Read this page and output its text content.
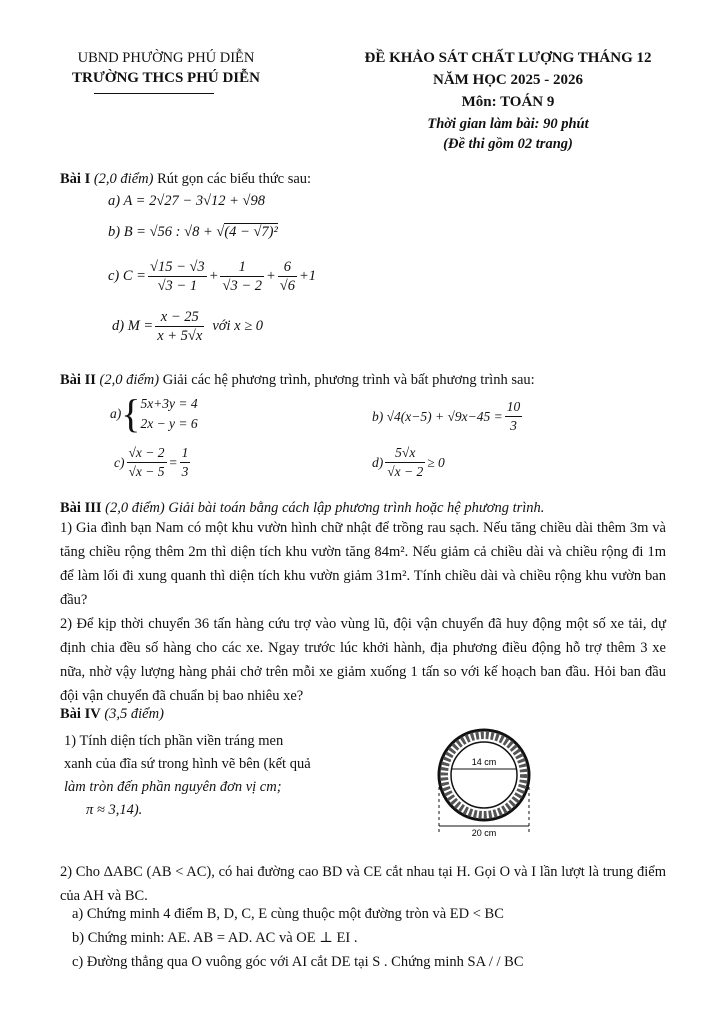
UBND PHƯỜNG PHÚ DIỄN
TRƯỜNG THCS PHÚ DIỄN
ĐỀ KHẢO SÁT CHẤT LƯỢNG THÁNG 12
NĂM HỌC 2025 - 2026
Môn: TOÁN 9
Thời gian làm bài: 90 phút
(Đề thi gồm 02 trang)
Bài I (2,0 điểm) Rút gọn các biểu thức sau:
a) A = 2√27 − 3√12 + √98
b) B = √56 : √8 + √(4 − √7)²
c) $C = \frac{√15 - √3}{√3 - 1} + \frac{1}{√3 - 2} + \frac{6}{√6} +1$
d) $M = \frac{x - 25}{x + 5√x}$ với x ≥ 0
Bài II (2,0 điểm) Giải các hệ phương trình, phương trình và bất phương trình sau:
a) { 5x+3y = 4
2x − y = 6	b) $√4(x-5) + √9x-45 = \frac{10}{3}$
$c) \frac{√x - 2}{√x - 5} = \frac{1}{3}$	$d) \frac{5√x}{√x - 2} \ge 0$
Bài III (2,0 điểm) Giải bài toán bằng cách lập phương trình hoặc hệ phương trình.
1) Gia đình bạn Nam có một khu vườn hình chữ nhật để trồng rau sạch. Nếu tăng chiều dài thêm 3m và tăng chiều rộng thêm 2m thì diện tích khu vườn tăng 84m². Nếu giảm cả chiều dài và chiều rộng đi 1m để làm lối đi xung quanh thì diện tích khu vườn giảm 31m². Tính chiều dài và chiều rộng khu vườn ban đầu?
2) Để kịp thời chuyển 36 tấn hàng cứu trợ vào vùng lũ, đội vận chuyển đã huy động một số xe tải, dự định chia đều số hàng cho các xe. Ngay trước lúc khởi hành, địa phương điều động hỗ trợ thêm 3 xe nữa, nhờ vậy lượng hàng phải chở trên mỗi xe giảm xuống 1 tấn so với kế hoạch ban đầu. Hỏi ban đầu đội vận chuyển đã chuẩn bị bao nhiêu xe?
Bài IV (3,5 điểm)
1) Tính diện tích phần viền tráng men
xanh của đĩa sứ trong hình vẽ bên (kết quả
làm tròn đến phần nguyên đơn vị cm;
π ≈ 3,14).
14 cm
20 cm
2) Cho ΔABC (AB < AC), có hai đường cao BD và CE cắt nhau tại H. Gọi O và I lần lượt là trung điểm của AH và BC.
a) Chứng minh 4 điểm B, D, C, E cùng thuộc một đường tròn và ED < BC
b) Chứng minh: AE. AB = AD. AC và OE ⊥ EI .
c) Đường thẳng qua O vuông góc với AI cắt DE tại S . Chứng minh SA / / BC
